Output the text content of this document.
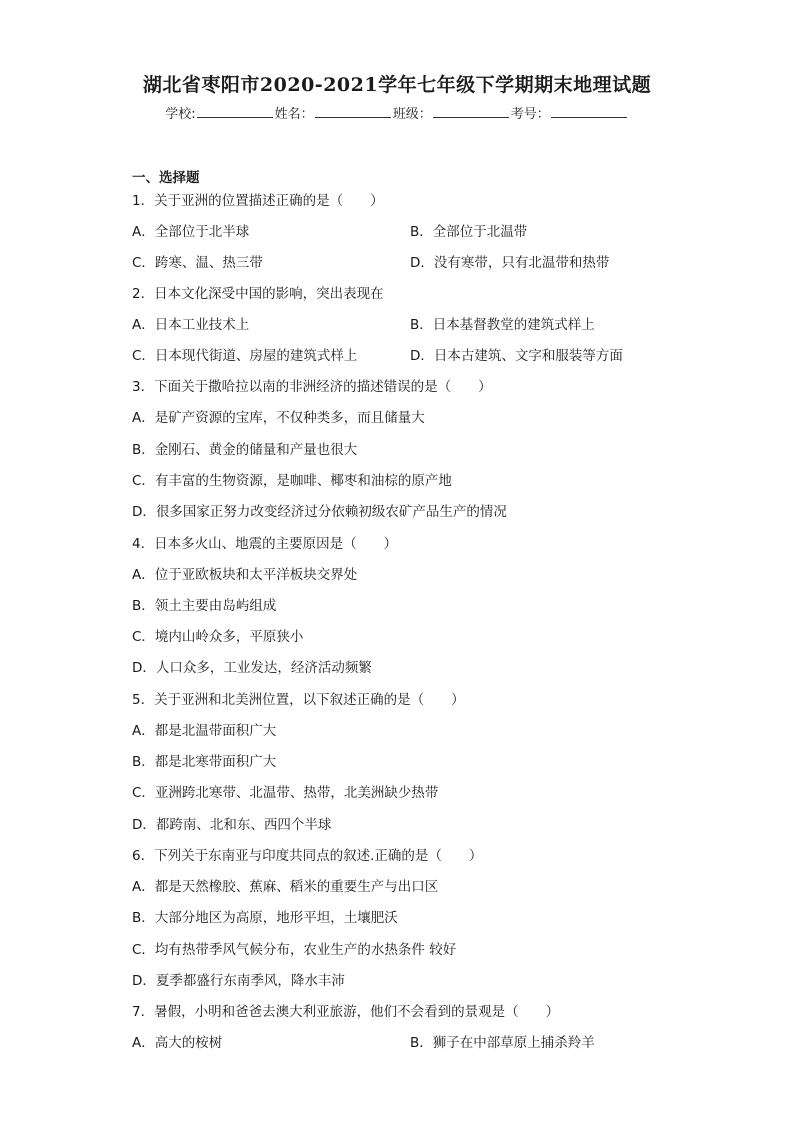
湖北省枣阳市2020-2021学年七年级下学期期末地理试题
学校:	姓名：	班级：	考号：
一、选择题
1．关于亚洲的位置描述正确的是（　　）
A．全部位于北半球	B．全部位于北温带
C．跨寒、温、热三带	D．没有寒带，只有北温带和热带
2．日本文化深受中国的影响，突出表现在
A．日本工业技术上	B．日本基督教堂的建筑式样上
C．日本现代街道、房屋的建筑式样上	D．日本古建筑、文字和服装等方面
3．下面关于撒哈拉以南的非洲经济的描述错误的是（　　）
A．是矿产资源的宝库，不仅种类多，而且储量大
B．金刚石、黄金的储量和产量也很大
C．有丰富的生物资源，是咖啡、椰枣和油棕的原产地
D．很多国家正努力改变经济过分依赖初级农矿产品生产的情况
4．日本多火山、地震的主要原因是（　　）
A．位于亚欧板块和太平洋板块交界处
B．领土主要由岛屿组成
C．境内山岭众多，平原狭小
D．人口众多，工业发达，经济活动频繁
5．关于亚洲和北美洲位置，以下叙述正确的是（　　）
A．都是北温带面积广大
B．都是北寒带面积广大
C．亚洲跨北寒带、北温带、热带，北美洲缺少热带
D．都跨南、北和东、西四个半球
6．下列关于东南亚与印度共同点的叙述.正确的是（　　）
A．都是天然橡胶、蕉麻、稻米的重要生产与出口区
B．大部分地区为高原，地形平坦，土壤肥沃
C．均有热带季风气候分布，农业生产的水热条件 较好
D．夏季都盛行东南季风，降水丰沛
7．暑假，小明和爸爸去澳大利亚旅游，他们不会看到的景观是（　　）
A．高大的桉树	B．狮子在中部草原上捕杀羚羊
